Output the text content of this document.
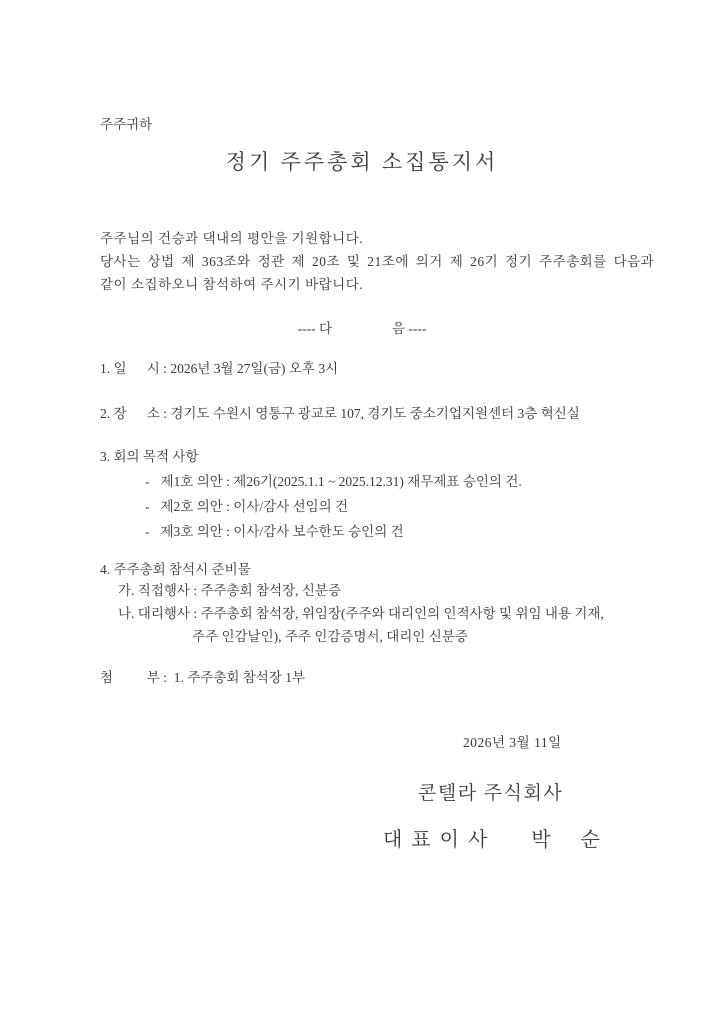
주주귀하
정기 주주총회 소집통지서
주주님의 건승과 댁내의 평안을 기원합니다.
당사는 상법 제 363조와 정관 제 20조 및 21조에 의거 제 26기 정기 주주총회를 다음과
같이 소집하오니 참석하여 주시기 바랍니다.
---- 다	음 ----
1. 일      시 : 2026년 3월 27일(금) 오후 3시
2. 장      소 : 경기도 수원시 영통구 광교로 107, 경기도 중소기업지원센터 3층 혁신실
3. 회의 목적 사항
- 제1호 의안 : 제26기(2025.1.1 ~ 2025.12.31) 재무제표 승인의 건.
- 제2호 의안 : 이사/감사 선임의 건
- 제3호 의안 : 이사/감사 보수한도 승인의 건
4. 주주총회 참석시 준비물
가. 직접행사 : 주주총회 참석장, 신분증
나. 대리행사 : 주주총회 참석장, 위임장(주주와 대리인의 인적사항 및 위임 내용 기재,
주주 인감날인), 주주 인감증명서, 대리인 신분증
첨          부 :  1. 주주총회 참석장 1부
2026년 3월 11일
콘텔라 주식회사
대 표 이 사      박    순
